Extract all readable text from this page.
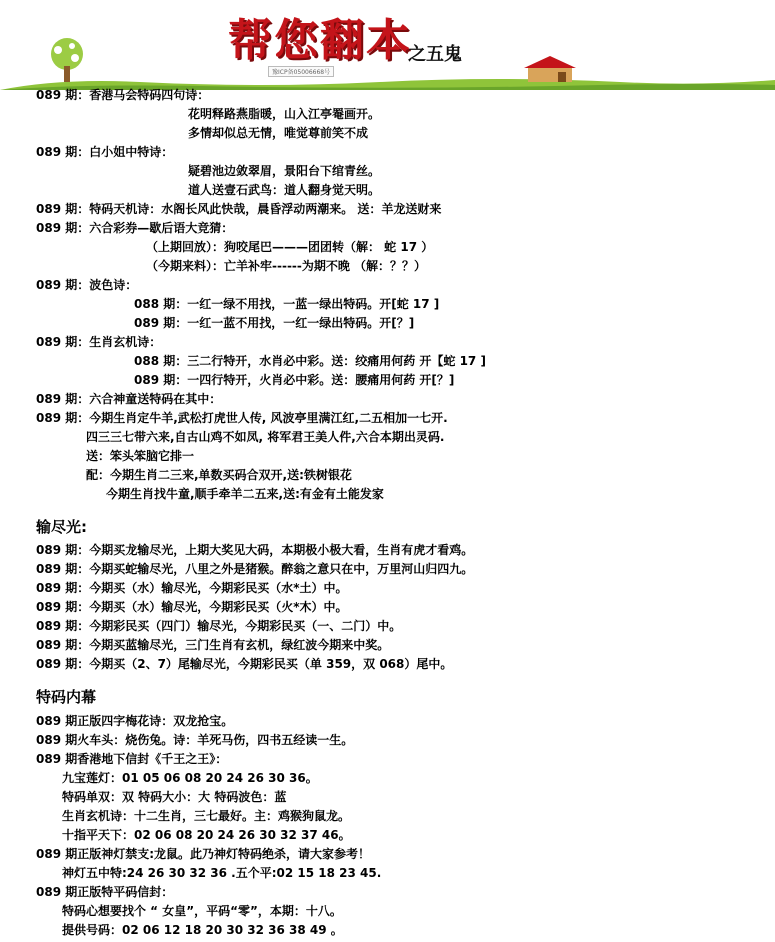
帮您翻本
之五鬼
豫ICP备05006668号
089 期：香港马会特码四句诗：
花明释路燕脂暖，山入江亭罨画开。
多情却似总无情，唯觉尊前笑不成
089 期：白小姐中特诗：
疑碧池边敛翠眉，景阳台下绾青丝。
道人送壹石武鸟：道人翻身觉天明。
089 期：特码天机诗：水阁长风此快哉，晨昏浮动两潮来。 送：羊龙送财来
089 期：六合彩券—歇后语大竞猜：
（上期回放）：狗咬尾巴———团团转（解： 蛇 17 ）
（今期来料）：亡羊补牢------为期不晚 （解：？？）
089 期：波色诗：
088 期：一红一绿不用找，一蓝一绿出特码。开[蛇 17 ]
089 期：一红一蓝不用找，一红一绿出特码。开[？]
089 期：生肖玄机诗：
088 期：三二行特开，水肖必中彩。送：绞痛用何药 开【蛇 17 ]
089 期：一四行特开，火肖必中彩。送：腰痛用何药 开[？]
089 期：六合神童送特码在其中：
089 期：今期生肖定牛羊,武松打虎世人传, 风波亭里满江红,二五相加一七开.
四三三七带六来,自古山鸡不如凤, 将军君王美人件,六合本期出灵码.
送：笨头笨脑它排一
配：今期生肖二三来,单数买码合双开,送:铁树银花
今期生肖找牛童,顺手牵羊二五来,送:有金有土能发家
输尽光:
089 期：今期买龙输尽光，上期大奖见大码，本期极小极大看，生肖有虎才看鸡。
089 期：今期买蛇输尽光，八里之外是猪猴。醉翁之意只在中，万里河山归四九。
089 期：今期买（水）输尽光，今期彩民买（水*土）中。
089 期：今期买（水）输尽光，今期彩民买（火*木）中。
089 期：今期彩民买（四门）输尽光，今期彩民买（一、二门）中。
089 期：今期买蓝输尽光，三门生肖有玄机，绿红波今期来中奖。
089 期：今期买（2、7）尾输尽光，今期彩民买（单 359，双 068）尾中。
特码内幕
089 期正版四字梅花诗：双龙抢宝。
089 期火车头：烧伤兔。诗：羊死马伤，四书五经读一生。
089 期香港地下信封《千王之王》：
九宝莲灯：01 05 06 08 20 24 26 30 36。
特码单双：双 特码大小：大 特码波色：蓝
生肖玄机诗：十二生肖，三七最好。主：鸡猴狗鼠龙。
十指平天下：02 06 08 20 24 26 30 32 37 46。
089 期正版神灯禁支:龙鼠。此乃神灯特码绝杀，请大家参考！
神灯五中特:24 26 30 32 36 .五个平:02 15 18 23 45.
089 期正版特平码信封：
特码心想要找个 “ 女皇”，平码“零”，本期：十八。
提供号码：02 06 12 18 20 30 32 36 38 49 。
